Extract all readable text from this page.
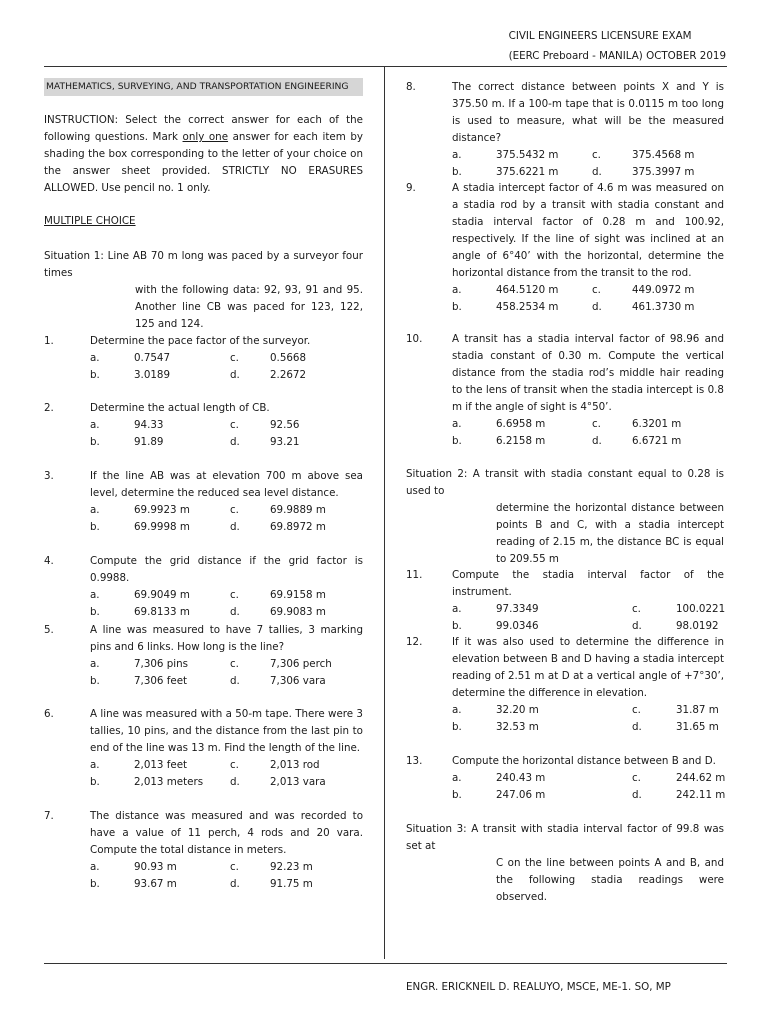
CIVIL ENGINEERS LICENSURE EXAM
(EERC Preboard - MANILA) OCTOBER 2019
MATHEMATICS, SURVEYING, AND TRANSPORTATION ENGINEERING
INSTRUCTION: Select the correct answer for each of the following questions. Mark only one answer for each item by shading the box corresponding to the letter of your choice on the answer sheet provided. STRICTLY NO ERASURES ALLOWED. Use pencil no. 1 only.
MULTIPLE CHOICE
Situation 1: Line AB 70 m long was paced by a surveyor four times
with the following data: 92, 93, 91 and 95. Another line CB was paced for 123, 122, 125 and 124.
Situation 2: A transit with stadia constant equal to 0.28 is used to
determine the horizontal distance between points B and C, with a stadia intercept reading of 2.15 m, the distance BC is equal to 209.55 m
Situation 3: A transit with stadia interval factor of 99.8 was set at
C on the line between points A and B, and the following stadia readings were observed.
ENGR. ERICKNEIL D. REALUYO, MSCE, ME-1. SO, MP
1.	Determine the pace factor of the surveyor.
a.	0.7547	c.	0.5668
b.	3.0189	d.	2.2672
2.	Determine the actual length of CB.
a.	94.33	c.	92.56
b.	91.89	d.	93.21
3.	If the line AB was at elevation 700 m above sea level, determine the reduced sea level distance.
a.	69.9923 m	c.	69.9889 m
b.	69.9998 m	d.	69.8972 m
4.	Compute the grid distance if the grid factor is 0.9988.
a.	69.9049 m	c.	69.9158 m
b.	69.8133 m	d.	69.9083 m
5.	A line was measured to have 7 tallies, 3 marking pins and 6 links. How long is the line?
a.	7,306 pins	c.	7,306 perch
b.	7,306 feet	d.	7,306 vara
6.	A line was measured with a 50-m tape. There were 3 tallies, 10 pins, and the distance from the last pin to end of the line was 13 m. Find the length of the line.
a.	2,013 feet	c.	2,013 rod
b.	2,013 meters	d.	2,013 vara
7.	The distance was measured and was recorded to have a value of 11 perch, 4 rods and 20 vara. Compute the total distance in meters.
a.	90.93 m	c.	92.23 m
b.	93.67 m	d.	91.75 m
8.	The correct distance between points X and Y is 375.50 m. If a 100-m tape that is 0.0115 m too long is used to measure, what will be the measured distance?
a.	375.5432 m	c.	375.4568 m
b.	375.6221 m	d.	375.3997 m
9.	A stadia intercept factor of 4.6 m was measured on a stadia rod by a transit with stadia constant and stadia interval factor of 0.28 m and 100.92, respectively. If the line of sight was inclined at an angle of 6°40’ with the horizontal, determine the horizontal distance from the transit to the rod.
a.	464.5120 m	c.	449.0972 m
b.	458.2534 m	d.	461.3730 m
10.	A transit has a stadia interval factor of 98.96 and stadia constant of 0.30 m. Compute the vertical distance from the stadia rod’s middle hair reading to the lens of transit when the stadia intercept is 0.8 m if the angle of sight is 4°50’.
a.	6.6958 m	c.	6.3201 m
b.	6.2158 m	d.	6.6721 m
11.	Compute the stadia interval factor of the instrument.
a.	97.3349	c.	100.0221
b.	99.0346	d.	98.0192
12.	If it was also used to determine the difference in elevation between B and D having a stadia intercept reading of 2.51 m at D at a vertical angle of +7°30’, determine the difference in elevation.
a.	32.20 m	c.	31.87 m
b.	32.53 m	d.	31.65 m
13.	Compute the horizontal distance between B and D.
a.	240.43 m	c.	244.62 m
b.	247.06 m	d.	242.11 m
